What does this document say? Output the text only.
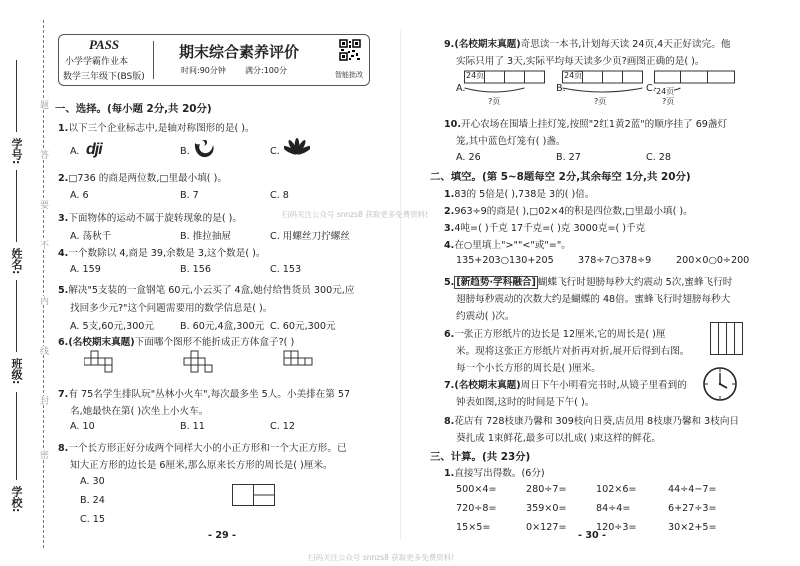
学号:
姓名:
班级:
学校:
题
答
要
不
内
线
封
密
PASS
小学学霸作业本
数学三年级下(BS版)
期末综合素养评价
时间:90分钟 满分:100分	智能批改
一、选择。(每小题 2分,共 20分)
1.以下三个企业标志中,是轴对称图形的是( )。
A. dji	B.	C.
2.□736 的商是两位数,□里最小填( )。
A. 6	B. 7	C. 8
3.下面物体的运动不属于旋转现象的是( )。
A. 荡秋千	B. 推拉抽屉	C. 用螺丝刀拧螺丝
4.一个数除以 4,商是 39,余数是 3,这个数是( )。
A. 159	B. 156	C. 153
5.解决"5支装的一盒钢笔 60元,小云买了 4盒,她付给售货员 300元,应
找回多少元?"这个问题需要用的数学信息是( )。
A. 5支,60元,300元	B. 60元,4盒,300元 C. 60元,300元
6.(名校期末真题)下面哪个图形不能折成正方体盒子?( )
7.有 75名学生排队玩"丛林小火车",每次最多坐 5人。小美排在第 57
名,她最快在第( )次坐上小火车。
A. 10	B. 11	C. 12
8.一个长方形正好分成两个同样大小的小正方形和一个大正方形。已
知大正方形的边长是 6厘米,那么原来长方形的周长是( )厘米。
A. 30
B. 24
C. 15
- 29 -
扫码关注公众号 snnzs8 获取更多免费资料!
9.(名校期末真题)奇思读一本书,计划每天读 24页,4天正好读完。他
实际只用了 3天,实际平均每天读多少页?画图正确的是( )。
A.
24页
?页
B.
24页
?页
C. 24页
?页
10.开心农场在围墙上挂灯笼,按照"2红1黄2蓝"的顺序挂了 69盏灯
笼,其中蓝色灯笼有( )盏。
A. 26	B. 27	C. 28
二、填空。(第 5~8题每空 2分,其余每空 1分,共 20分)
1.83的 5倍是( ),738是 3的( )倍。
2.963÷9的商是( ),□02×4的积是四位数,□里最小填( )。
3.4吨=( )千克 17千克=( )克 3000克=( )千克
4.在○里填上">""<"或"="。
135+203○130+205	378÷7○378÷9	200×0○0÷200
5. [新趋势·学科融合] 蝴蝶飞行时翅膀每秒大约震动 5次,蜜蜂飞行时
翅膀每秒震动的次数大约是蝴蝶的 48倍。蜜蜂飞行时翅膀每秒大
约震动( )次。
6.一张正方形纸片的边长是 12厘米,它的周长是( )厘
米。现将这张正方形纸片对折再对折,展开后得到右图。
每一个小长方形的周长是( )厘米。
7.(名校期末真题)周日下午小明看完书时,从镜子里看到的
钟表如图,这时的时间是下午( )。
8.花店有 728枝康乃馨和 309枝向日葵,店员用 8枝康乃馨和 3枝向日
葵扎成 1束鲜花,最多可以扎成( )束这样的鲜花。
三、计算。(共 23分)
1.直接写出得数。(6分)
500×4=	280÷7=	102×6=	44÷4−7=
720÷8=	359×0=	84÷4=	6+27÷3=
15×5=	0×127=	120÷3=	30×2+5=
- 30 -
扫码关注公众号 snnzs8 获取更多免费资料!
